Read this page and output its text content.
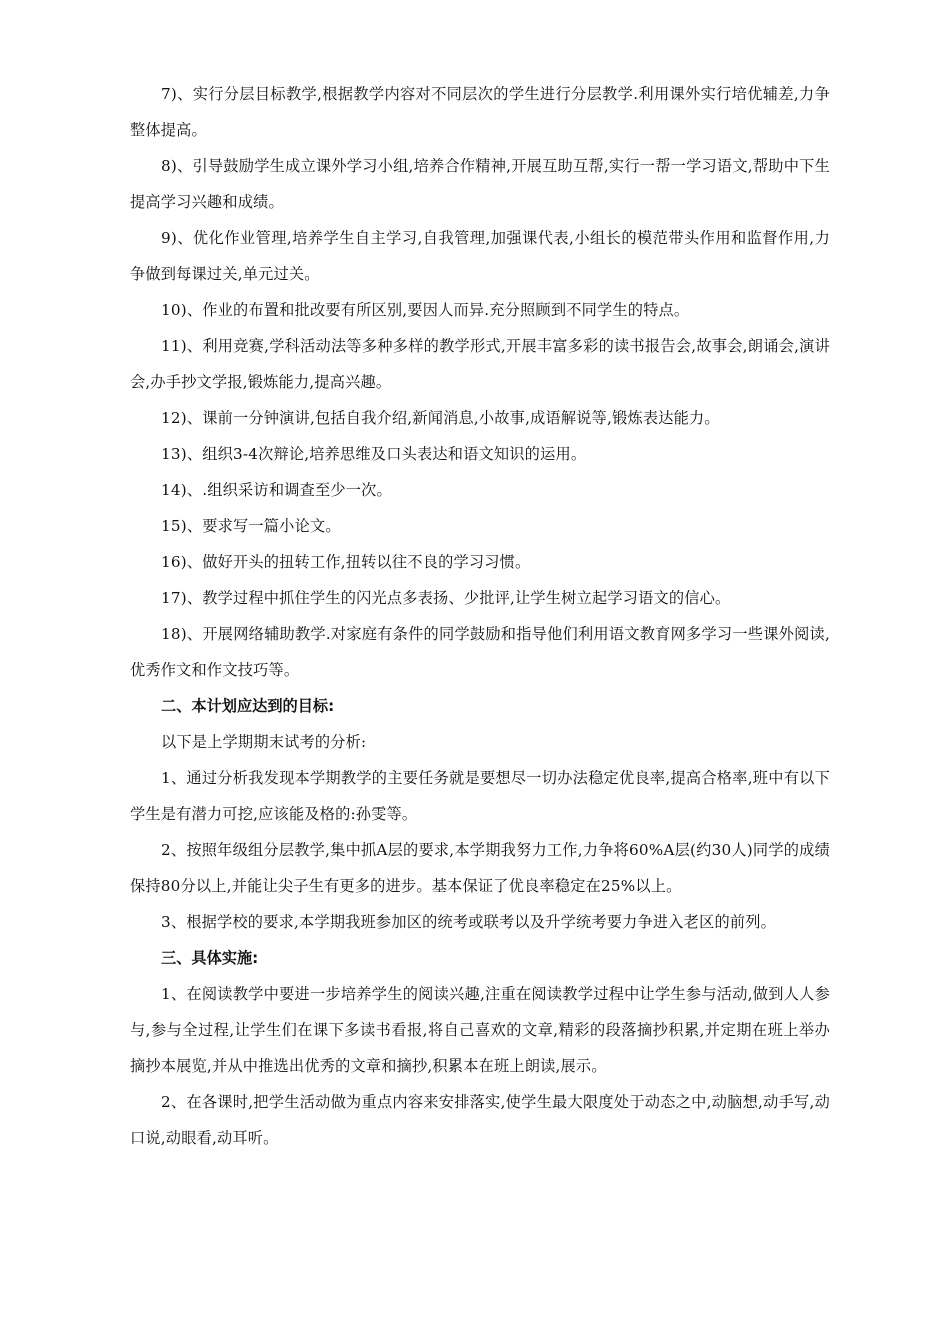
7)、实行分层目标教学,根据教学内容对不同层次的学生进行分层教学.利用课外实行培优辅差,力争整体提高。

8)、引导鼓励学生成立课外学习小组,培养合作精神,开展互助互帮,实行一帮一学习语文,帮助中下生提高学习兴趣和成绩。

9)、优化作业管理,培养学生自主学习,自我管理,加强课代表,小组长的模范带头作用和监督作用,力争做到每课过关,单元过关。

10)、作业的布置和批改要有所区别,要因人而异.充分照顾到不同学生的特点。

11)、利用竞赛,学科活动法等多种多样的教学形式,开展丰富多彩的读书报告会,故事会,朗诵会,演讲会,办手抄文学报,锻炼能力,提高兴趣。

12)、课前一分钟演讲,包括自我介绍,新闻消息,小故事,成语解说等,锻炼表达能力。

13)、组织3-4次辩论,培养思维及口头表达和语文知识的运用。

14)、.组织采访和调查至少一次。

15)、要求写一篇小论文。

16)、做好开头的扭转工作,扭转以往不良的学习习惯。

17)、教学过程中抓住学生的闪光点多表扬、少批评,让学生树立起学习语文的信心。

18)、开展网络辅助教学.对家庭有条件的同学鼓励和指导他们利用语文教育网多学习一些课外阅读,优秀作文和作文技巧等。

二、本计划应达到的目标:

以下是上学期期末试考的分析:

1、通过分析我发现本学期教学的主要任务就是要想尽一切办法稳定优良率,提高合格率,班中有以下学生是有潜力可挖,应该能及格的:孙雯等。

2、按照年级组分层教学,集中抓A层的要求,本学期我努力工作,力争将60%A层(约30人)同学的成绩保持80分以上,并能让尖子生有更多的进步。基本保证了优良率稳定在25%以上。

3、根据学校的要求,本学期我班参加区的统考或联考以及升学统考要力争进入老区的前列。

三、具体实施:

1、在阅读教学中要进一步培养学生的阅读兴趣,注重在阅读教学过程中让学生参与活动,做到人人参与,参与全过程,让学生们在课下多读书看报,将自己喜欢的文章,精彩的段落摘抄积累,并定期在班上举办摘抄本展览,并从中推选出优秀的文章和摘抄,积累本在班上朗读,展示。

2、在各课时,把学生活动做为重点内容来安排落实,使学生最大限度处于动态之中,动脑想,动手写,动口说,动眼看,动耳听。
